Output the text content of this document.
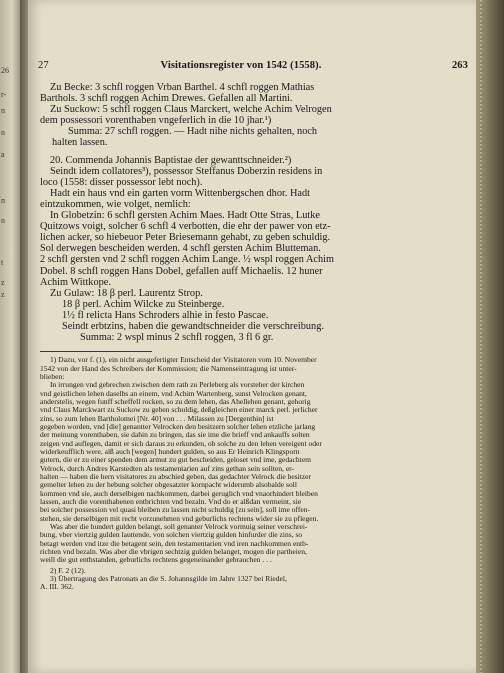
26
r-
n
n
a
n
n
t
z
z
27	Visitationsregister von 1542 (1558).	263

Zu Becke: 3 schfl roggen Vrban Barthel. 4 schfl roggen Mathias

Barthols. 3 schfl roggen Achim Drewes. Gefallen all Martini.

Zu Suckow: 5 schfl roggen Claus Marckert, welche Achim Velrogen

dem possessori vorenthaben vngeferlich in die 10 jhar.¹)

Summa: 27 schfl roggen. — Hadt nihe nichts gehalten, noch

halten lassen.

20. Commenda Johannis Baptistae der gewanttschneider.²)

Seindt idem collatores³), possessor Steffanus Doberzin residens in

loco (1558: disser possessor lebt noch).

Hadt ein haus vnd ein garten vorm Wittenbergschen dhor. Hadt

eintzukommen, wie volget, nemlich:

In Globetzin: 6 schfl gersten Achim Maes. Hadt Otte Stras, Lutke

Quitzows voigt, solcher 6 schfl 4 verbotten, die ehr der pawer von etz-

lichen acker, so hiebeuor Peter Briesemann gehabt, zu geben schuldig.

Sol derwegen bescheiden werden. 4 schfl gersten Achim Blutteman.

2 schfl gersten vnd 2 schfl roggen Achim Lange. ½ wspl roggen Achim

Dobel. 8 schfl roggen Hans Dobel, gefallen auff Michaelis. 12 huner

Achim Wittkope.

Zu Gulaw: 18 β perl. Laurentz Strop.

18 β perl. Achim Wilcke zu Steinberge.

1½ fl relicta Hans Schroders alhie in festo Pascae.

Seindt erbtzins, haben die gewandtschneider die verschreibung.

Summa: 2 wspl minus 2 schfl roggen, 3 fl 6 gr.

1) Dazu, vor f. (1), ein nicht ausgefertigter Entscheid der Visitatoren vom 10. November

1542 von der Hand des Schreibers der Kommission; die Namenseintragung ist unter-

blieben:

In irrungen vnd gebrechen zwischen dem rath zu Perleberg als vorsteher der kirchen

vnd geistlichen lehen daselbs an einem, vnd Achim Wartenberg, sunst Velrocken genant,

anderstelis, wegen funff scheffell rocken, so zu dem lehen, das Ahellehen genant, gehorig

vnd Claus Marckwart zu Suckow zu geben schuldig, deßgleichen einer marck perl. jerlicher

zins, so zum lehen Bartholomei [Nr. 40] von . . . Milassen zu [Dergenthin] ist

gegeben worden, vnd [die] genantter Velrocken den besitzern solcher lehen etzliche jarlang

der meinung vorenthaben, sie dahin zu bringen, das sie ime die brieff vnd ankauffs solten

zeigen vnd auflegen, damit er sich daraus zu erkunden, ob solche zu den lehen vereigent oder

widerkeufflich were, alß auch [wegen] hundert gulden, so aus Er Heinrich Klingsporn

gutern, die er zu einer spenden dem armut zu gut bescheiden, geloset vnd ime, gedachtem

Velrock, durch Andres Karstedten als testamentarien auf zins gethan sein sollten, er-

halten — haben die hern visitatores zu abschied geben, das gedachter Velrock die besitzer

gemelter lehen zu der hebung solcher obgesatzter kornpacht widerumb alsobalde soll

kommen vnd sie, auch derselbigen nachkommen, darbei geruglich vnd vnaorhindert bleiben

lassen, auch die vorenthabenen entbrichten vnd bezaln. Vnd do er alßdan vermeint, sie

bei solcher possession vel quasi bleiben zu lassen nicht schuldig [zu sein], soll ime offen-

stehen, sie derselbigen mit recht vorzunehmen vnd geburlichs rechtens wider sie zu pflegen.

Was aber die hundert gulden belangt, soll genanter Velrock vormuig seiner verschrei-

bung, vber viertzig gulden lauttende, von solchen viertzig gulden hinfurder die zins, so

betagt werden vnd itze die betagent sein, den testamentarien vnd iren nachkommen entb-

richten vnd bezaln. Was aber die vbrigen sechtzig gulden belanget, mogen die partheien,

weill die gut enthstanden, geburlichs rechtens gegeneinander gebrauchen . . .

2) F. 2 (12).

3) Übertragung des Patronats an die S. Johannsgilde im Jahre 1327 bei Riedel,

A. III. 362.
